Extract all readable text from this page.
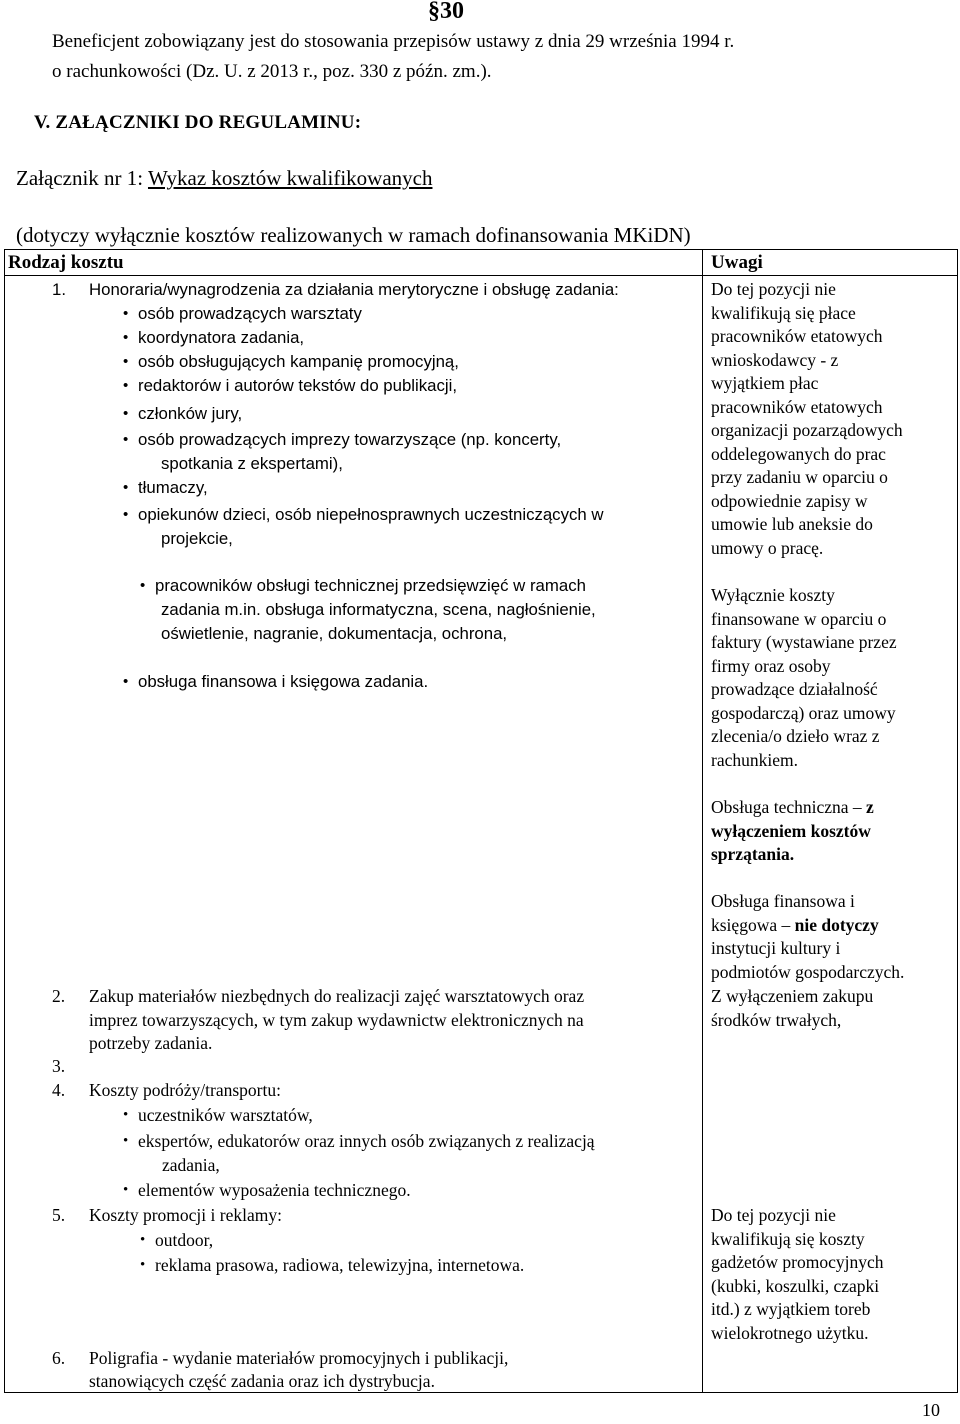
§30
Beneficjent zobowiązany jest do stosowania przepisów ustawy z dnia 29 września 1994 r.
o rachunkowości (Dz. U. z 2013 r., poz. 330 z późn. zm.).
V. ZAŁĄCZNIKI DO REGULAMINU:
Załącznik nr 1: Wykaz kosztów kwalifikowanych
(dotyczy wyłącznie kosztów realizowanych w ramach dofinansowania MKiDN)
Rodzaj kosztu	Uwagi
1. Honoraria/wynagrodzenia za działania merytoryczne i obsługę zadania:
• osób prowadzących warsztaty
• koordynatora zadania,
• osób obsługujących kampanię promocyjną,
• redaktorów i autorów tekstów do publikacji,
• członków jury,
• osób prowadzących imprezy towarzyszące (np. koncerty,
spotkania z ekspertami),
• tłumaczy,
• opiekunów dzieci, osób niepełnosprawnych uczestniczących w
projekcie,
• pracowników obsługi technicznej przedsięwzięć w ramach
zadania m.in. obsługa informatyczna, scena, nagłośnienie,
oświetlenie, nagranie, dokumentacja, ochrona,
• obsługa finansowa i księgowa zadania.
Do tej pozycji nie
kwalifikują się płace
pracowników etatowych
wnioskodawcy - z
wyjątkiem płac
pracowników etatowych
organizacji pozarządowych
oddelegowanych do prac
przy zadaniu w oparciu o
odpowiednie zapisy w
umowie lub aneksie do
umowy o pracę.
Wyłącznie koszty
finansowane w oparciu o
faktury (wystawiane przez
firmy oraz osoby
prowadzące działalność
gospodarczą) oraz umowy
zlecenia/o dzieło wraz z
rachunkiem.
Obsługa techniczna – z
wyłączeniem kosztów
sprzątania.
Obsługa finansowa i
księgowa – nie dotyczy
instytucji kultury i
podmiotów gospodarczych.
2. Zakup materiałów niezbędnych do realizacji zajęć warsztatowych oraz
imprez towarzyszących, w tym zakup wydawnictw elektronicznych na
potrzeby zadania.
Z wyłączeniem zakupu
środków trwałych,
3.
4. Koszty podróży/transportu:
• uczestników warsztatów,
• ekspertów, edukatorów oraz innych osób związanych z realizacją
zadania,
• elementów wyposażenia technicznego.
5. Koszty promocji i reklamy:
• outdoor,
• reklama prasowa, radiowa, telewizyjna, internetowa.
Do tej pozycji nie
kwalifikują się koszty
gadżetów promocyjnych
(kubki, koszulki, czapki
itd.) z wyjątkiem toreb
wielokrotnego użytku.
6. Poligrafia - wydanie materiałów promocyjnych i publikacji,
stanowiących część zadania oraz ich dystrybucja.
10
